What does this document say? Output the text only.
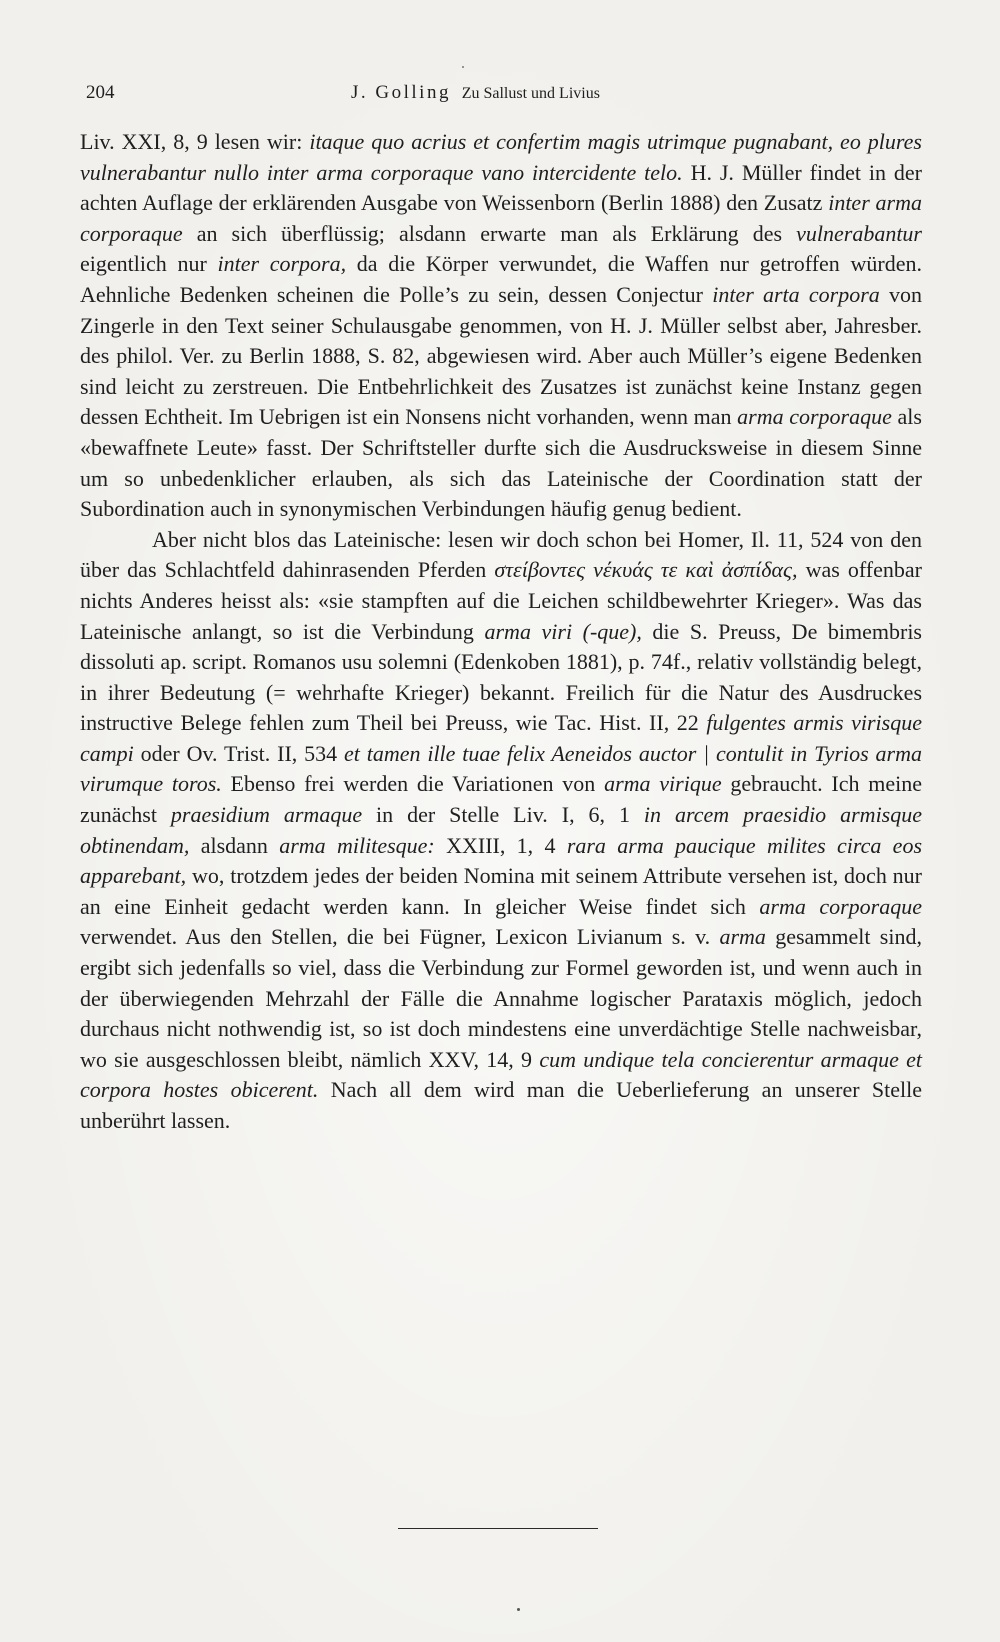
204	J. Golling Zu Sallust und Livius

Liv. XXI, 8, 9 lesen wir: itaque quo acrius et confertim magis utrimque pugnabant, eo plures vulnerabantur nullo inter arma corporaque vano intercidente telo. H. J. Müller findet in der achten Auflage der erklärenden Ausgabe von Weissenborn (Berlin 1888) den Zusatz inter arma corporaque an sich überflüssig; alsdann erwarte man als Erklärung des vulnerabantur eigentlich nur inter corpora, da die Körper verwundet, die Waffen nur getroffen würden. Aehnliche Bedenken scheinen die Polle’s zu sein, dessen Conjectur inter arta corpora von Zingerle in den Text seiner Schulausgabe genommen, von H. J. Müller selbst aber, Jahresber. des philol. Ver. zu Berlin 1888, S. 82, abgewiesen wird. Aber auch Müller’s eigene Bedenken sind leicht zu zerstreuen. Die Entbehrlichkeit des Zusatzes ist zunächst keine Instanz gegen dessen Echtheit. Im Uebrigen ist ein Nonsens nicht vorhanden, wenn man arma corporaque als «bewaffnete Leute» fasst. Der Schriftsteller durfte sich die Ausdrucksweise in diesem Sinne um so unbedenklicher erlauben, als sich das Lateinische der Coordination statt der Subordination auch in synonymischen Verbindungen häufig genug bedient.

Aber nicht blos das Lateinische: lesen wir doch schon bei Homer, Il. 11, 524 von den über das Schlachtfeld dahinrasenden Pferden στείβοντες νέκυάς τε καὶ ἀσπίδας, was offenbar nichts Anderes heisst als: «sie stampften auf die Leichen schildbewehrter Krieger». Was das Lateinische anlangt, so ist die Verbindung arma viri (-que), die S. Preuss, De bimembris dissoluti ap. script. Romanos usu solemni (Edenkoben 1881), p. 74f., relativ vollständig belegt, in ihrer Bedeutung (= wehrhafte Krieger) bekannt. Freilich für die Natur des Ausdruckes instructive Belege fehlen zum Theil bei Preuss, wie Tac. Hist. II, 22 fulgentes armis virisque campi oder Ov. Trist. II, 534 et tamen ille tuae felix Aeneidos auctor | contulit in Tyrios arma virumque toros. Ebenso frei werden die Variationen von arma virique gebraucht. Ich meine zunächst praesidium armaque in der Stelle Liv. I, 6, 1 in arcem praesidio armisque obtinendam, alsdann arma militesque: XXIII, 1, 4 rara arma paucique milites circa eos apparebant, wo, trotzdem jedes der beiden Nomina mit seinem Attribute versehen ist, doch nur an eine Einheit gedacht werden kann. In gleicher Weise findet sich arma corporaque verwendet. Aus den Stellen, die bei Fügner, Lexicon Livianum s. v. arma gesammelt sind, ergibt sich jedenfalls so viel, dass die Verbindung zur Formel geworden ist, und wenn auch in der überwiegenden Mehrzahl der Fälle die Annahme logischer Parataxis möglich, jedoch durchaus nicht nothwendig ist, so ist doch mindestens eine unverdächtige Stelle nachweisbar, wo sie ausgeschlossen bleibt, nämlich XXV, 14, 9 cum undique tela concierentur armaque et corpora hostes obicerent. Nach all dem wird man die Ueberlieferung an unserer Stelle unberührt lassen.
